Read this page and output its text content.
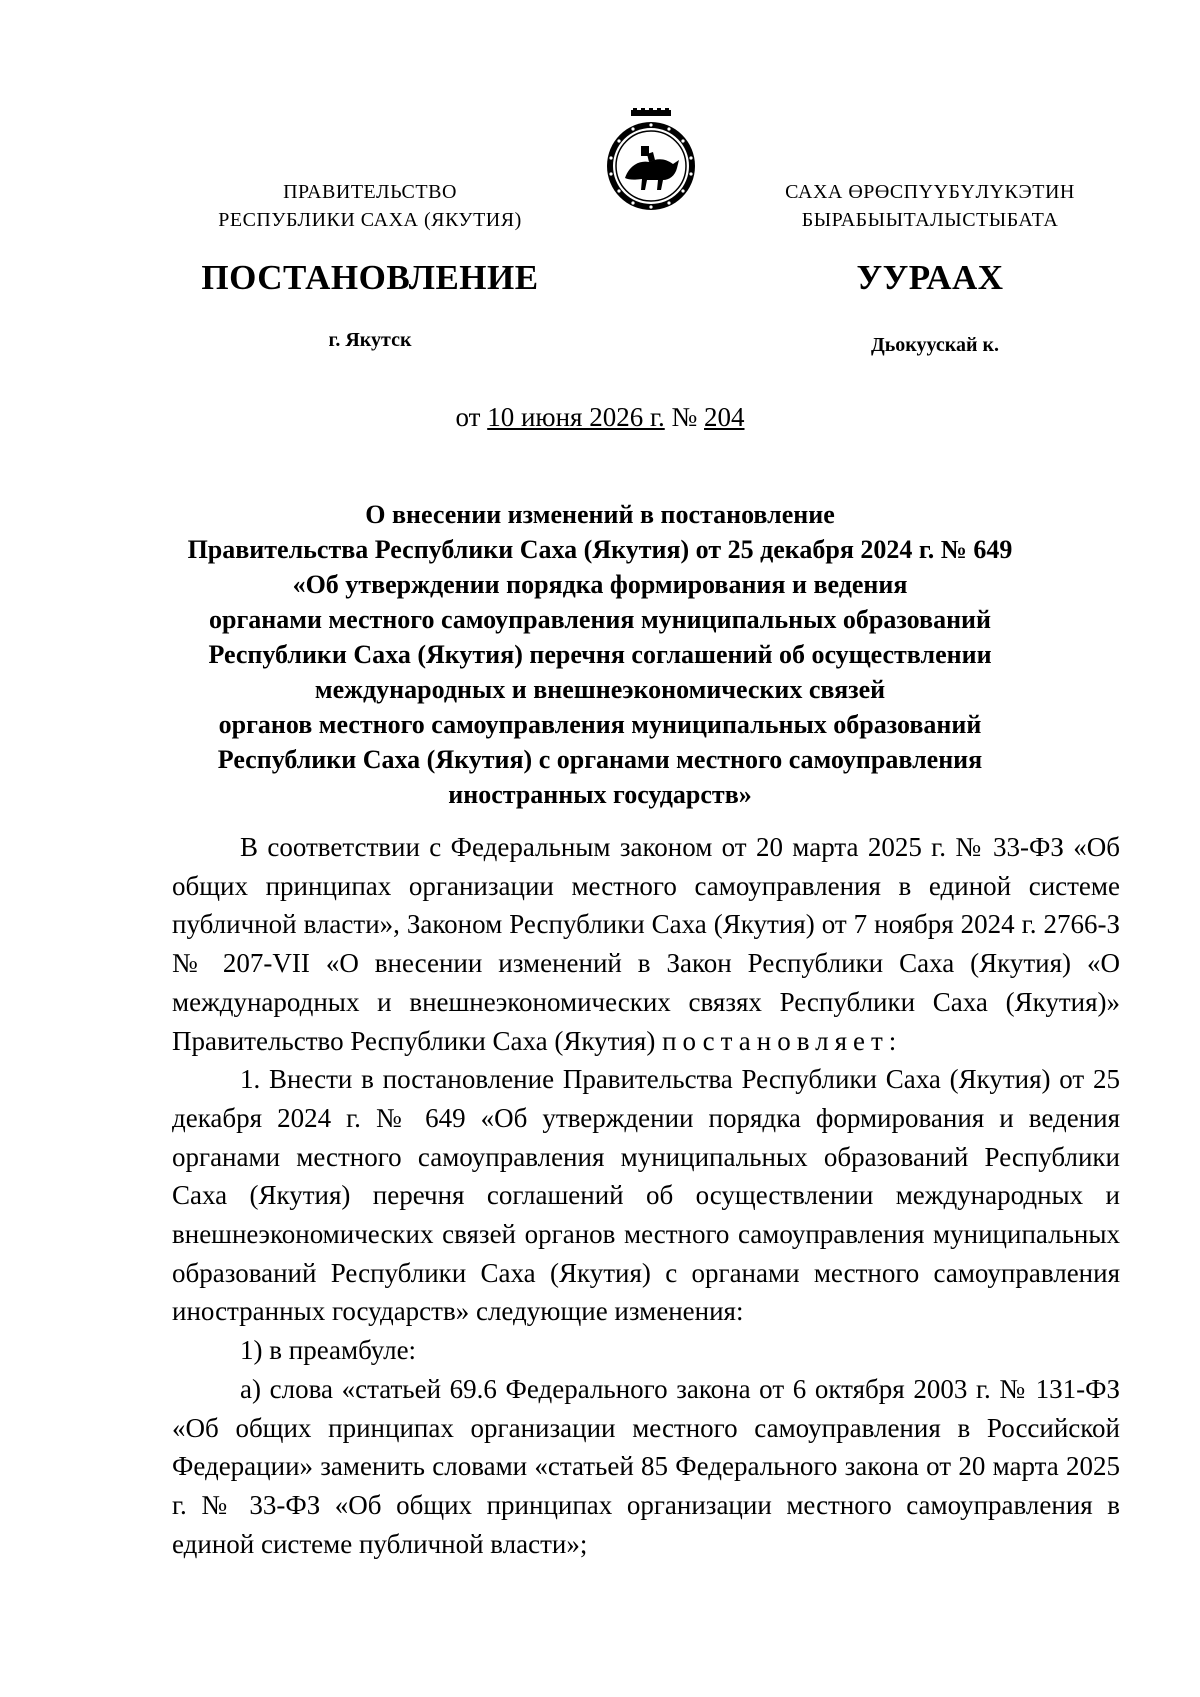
ПРАВИТЕЛЬСТВО
РЕСПУБЛИКИ САХА (ЯКУТИЯ)
САХА ӨРӨСПҮҮБҮЛҮКЭТИН
БЫРАБЫЫТАЛЫСТЫБАТА
ПОСТАНОВЛЕНИЕ	УУРААХ
г. Якутск	Дьокуускай к.
от 10 июня 2026 г. № 204
О внесении изменений в постановление
Правительства Республики Саха (Якутия) от 25 декабря 2024 г. № 649
«Об утверждении порядка формирования и ведения
органами местного самоуправления муниципальных образований
Республики Саха (Якутия) перечня соглашений об осуществлении
международных и внешнеэкономических связей
органов местного самоуправления муниципальных образований
Республики Саха (Якутия) с органами местного самоуправления
иностранных государств»

В соответствии с Федеральным законом от 20 марта 2025 г. № 33-ФЗ «Об общих принципах организации местного самоуправления в единой системе публичной власти», Законом Республики Саха (Якутия) от 7 ноября 2024 г. 2766-З № 207-VII «О внесении изменений в Закон Республики Саха (Якутия) «О международных и внешнеэкономических связях Республики Саха (Якутия)» Правительство Республики Саха (Якутия) постановляет:

1. Внести в постановление Правительства Республики Саха (Якутия) от 25 декабря 2024 г. № 649 «Об утверждении порядка формирования и ведения органами местного самоуправления муниципальных образований Республики Саха (Якутия) перечня соглашений об осуществлении международных и внешнеэкономических связей органов местного самоуправления муниципальных образований Республики Саха (Якутия) с органами местного самоуправления иностранных государств» следующие изменения:

1) в преамбуле:

а) слова «статьей 69.6 Федерального закона от 6 октября 2003 г. № 131-ФЗ «Об общих принципах организации местного самоуправления в Российской Федерации» заменить словами «статьей 85 Федерального закона от 20 марта 2025 г. № 33-ФЗ «Об общих принципах организации местного самоуправления в единой системе публичной власти»;
